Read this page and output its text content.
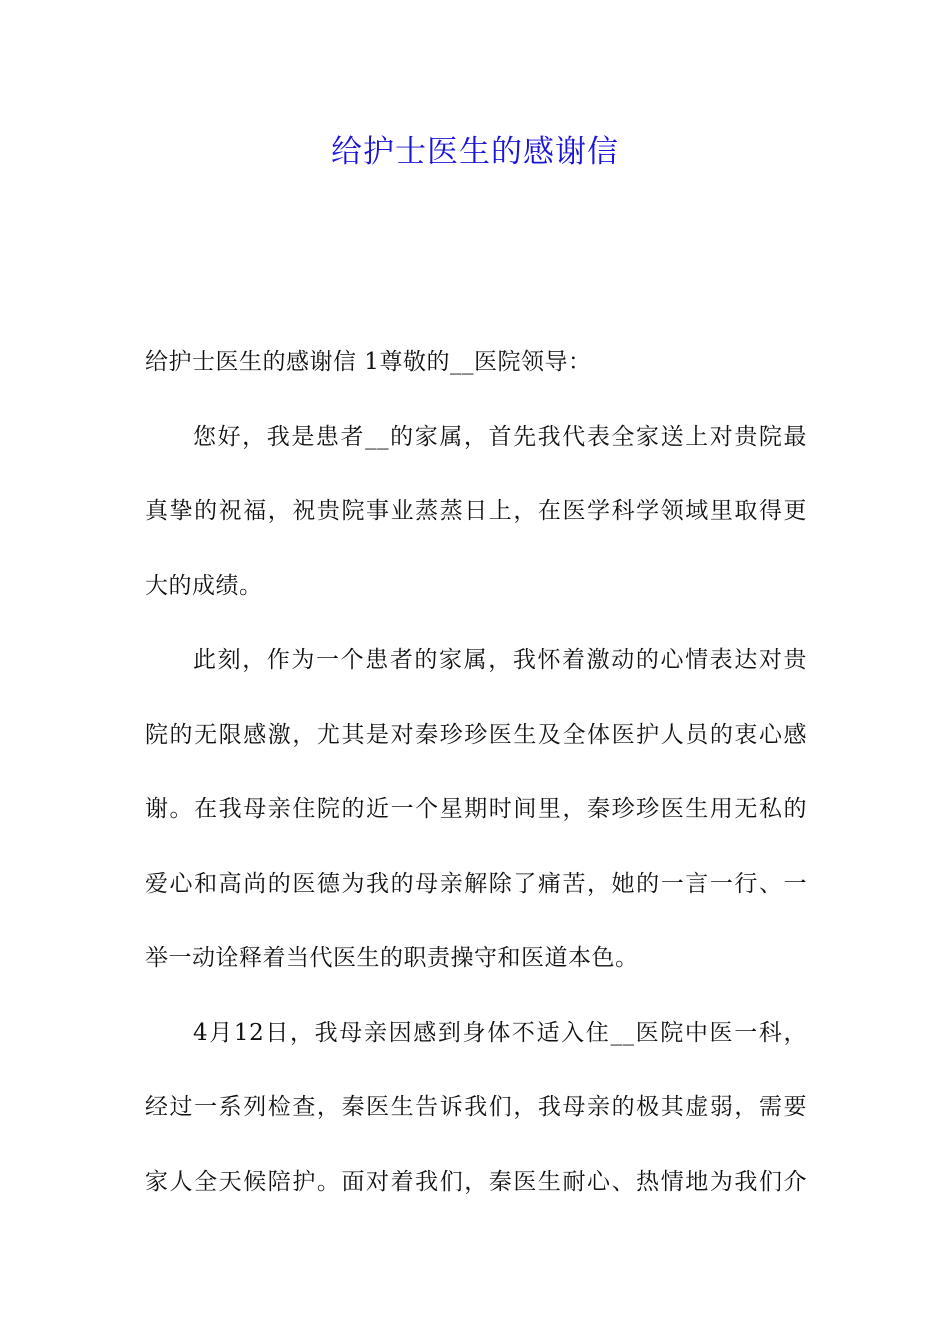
给护士医生的感谢信
给护士医生的感谢信 1尊敬的__医院领导：
您好，我是患者__的家属，首先我代表全家送上对贵院最
真挚的祝福，祝贵院事业蒸蒸日上，在医学科学领域里取得更
大的成绩。
此刻，作为一个患者的家属，我怀着激动的心情表达对贵
院的无限感激，尤其是对秦珍珍医生及全体医护人员的衷心感
谢。在我母亲住院的近一个星期时间里，秦珍珍医生用无私的
爱心和高尚的医德为我的母亲解除了痛苦，她的一言一行、一
举一动诠释着当代医生的职责操守和医道本色。
4月12日，我母亲因感到身体不适入住__医院中医一科，
经过一系列检查，秦医生告诉我们，我母亲的极其虚弱，需要
家人全天候陪护。面对着我们，秦医生耐心、热情地为我们介
